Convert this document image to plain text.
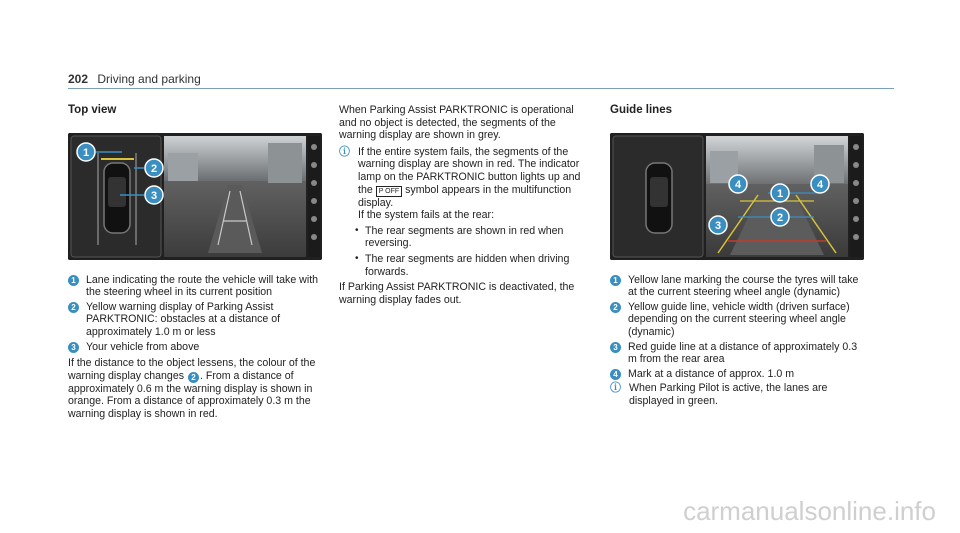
202 Driving and parking
Top view
1
2
3
1 Lane indicating the route the vehicle will take with the steering wheel in its current position
2 Yellow warning display of Parking Assist PARKTRONIC: obstacles at a distance of approximately 1.0 m or less
3 Your vehicle from above

If the distance to the object lessens, the colour of the warning display changes 2 . From a distance of approximately 0.6 m the warning display is shown in orange. From a distance of approximately 0.3 m the warning display is shown in red.

When Parking Assist PARKTRONIC is operational and no object is detected, the segments of the warning display are shown in grey.

ⓘ If the entire system fails, the segments of the warning display are shown in red. The indicator lamp on the PARKTRONIC button lights up and the P OFF symbol appears in the multifunction display.
If the system fails at the rear:
• The rear segments are shown in red when reversing.
• The rear segments are hidden when driving forwards.

If Parking Assist PARKTRONIC is deactivated, the warning display fades out.

Guide lines
4
1
4
3
2
1 Yellow lane marking the course the tyres will take at the current steering wheel angle (dynamic)
2 Yellow guide line, vehicle width (driven surface) depending on the current steering wheel angle (dynamic)
3 Red guide line at a distance of approximately 0.3 m from the rear area
4 Mark at a distance of approx. 1.0 m
ⓘ When Parking Pilot is active, the lanes are displayed in green.
carmanualsonline.info
